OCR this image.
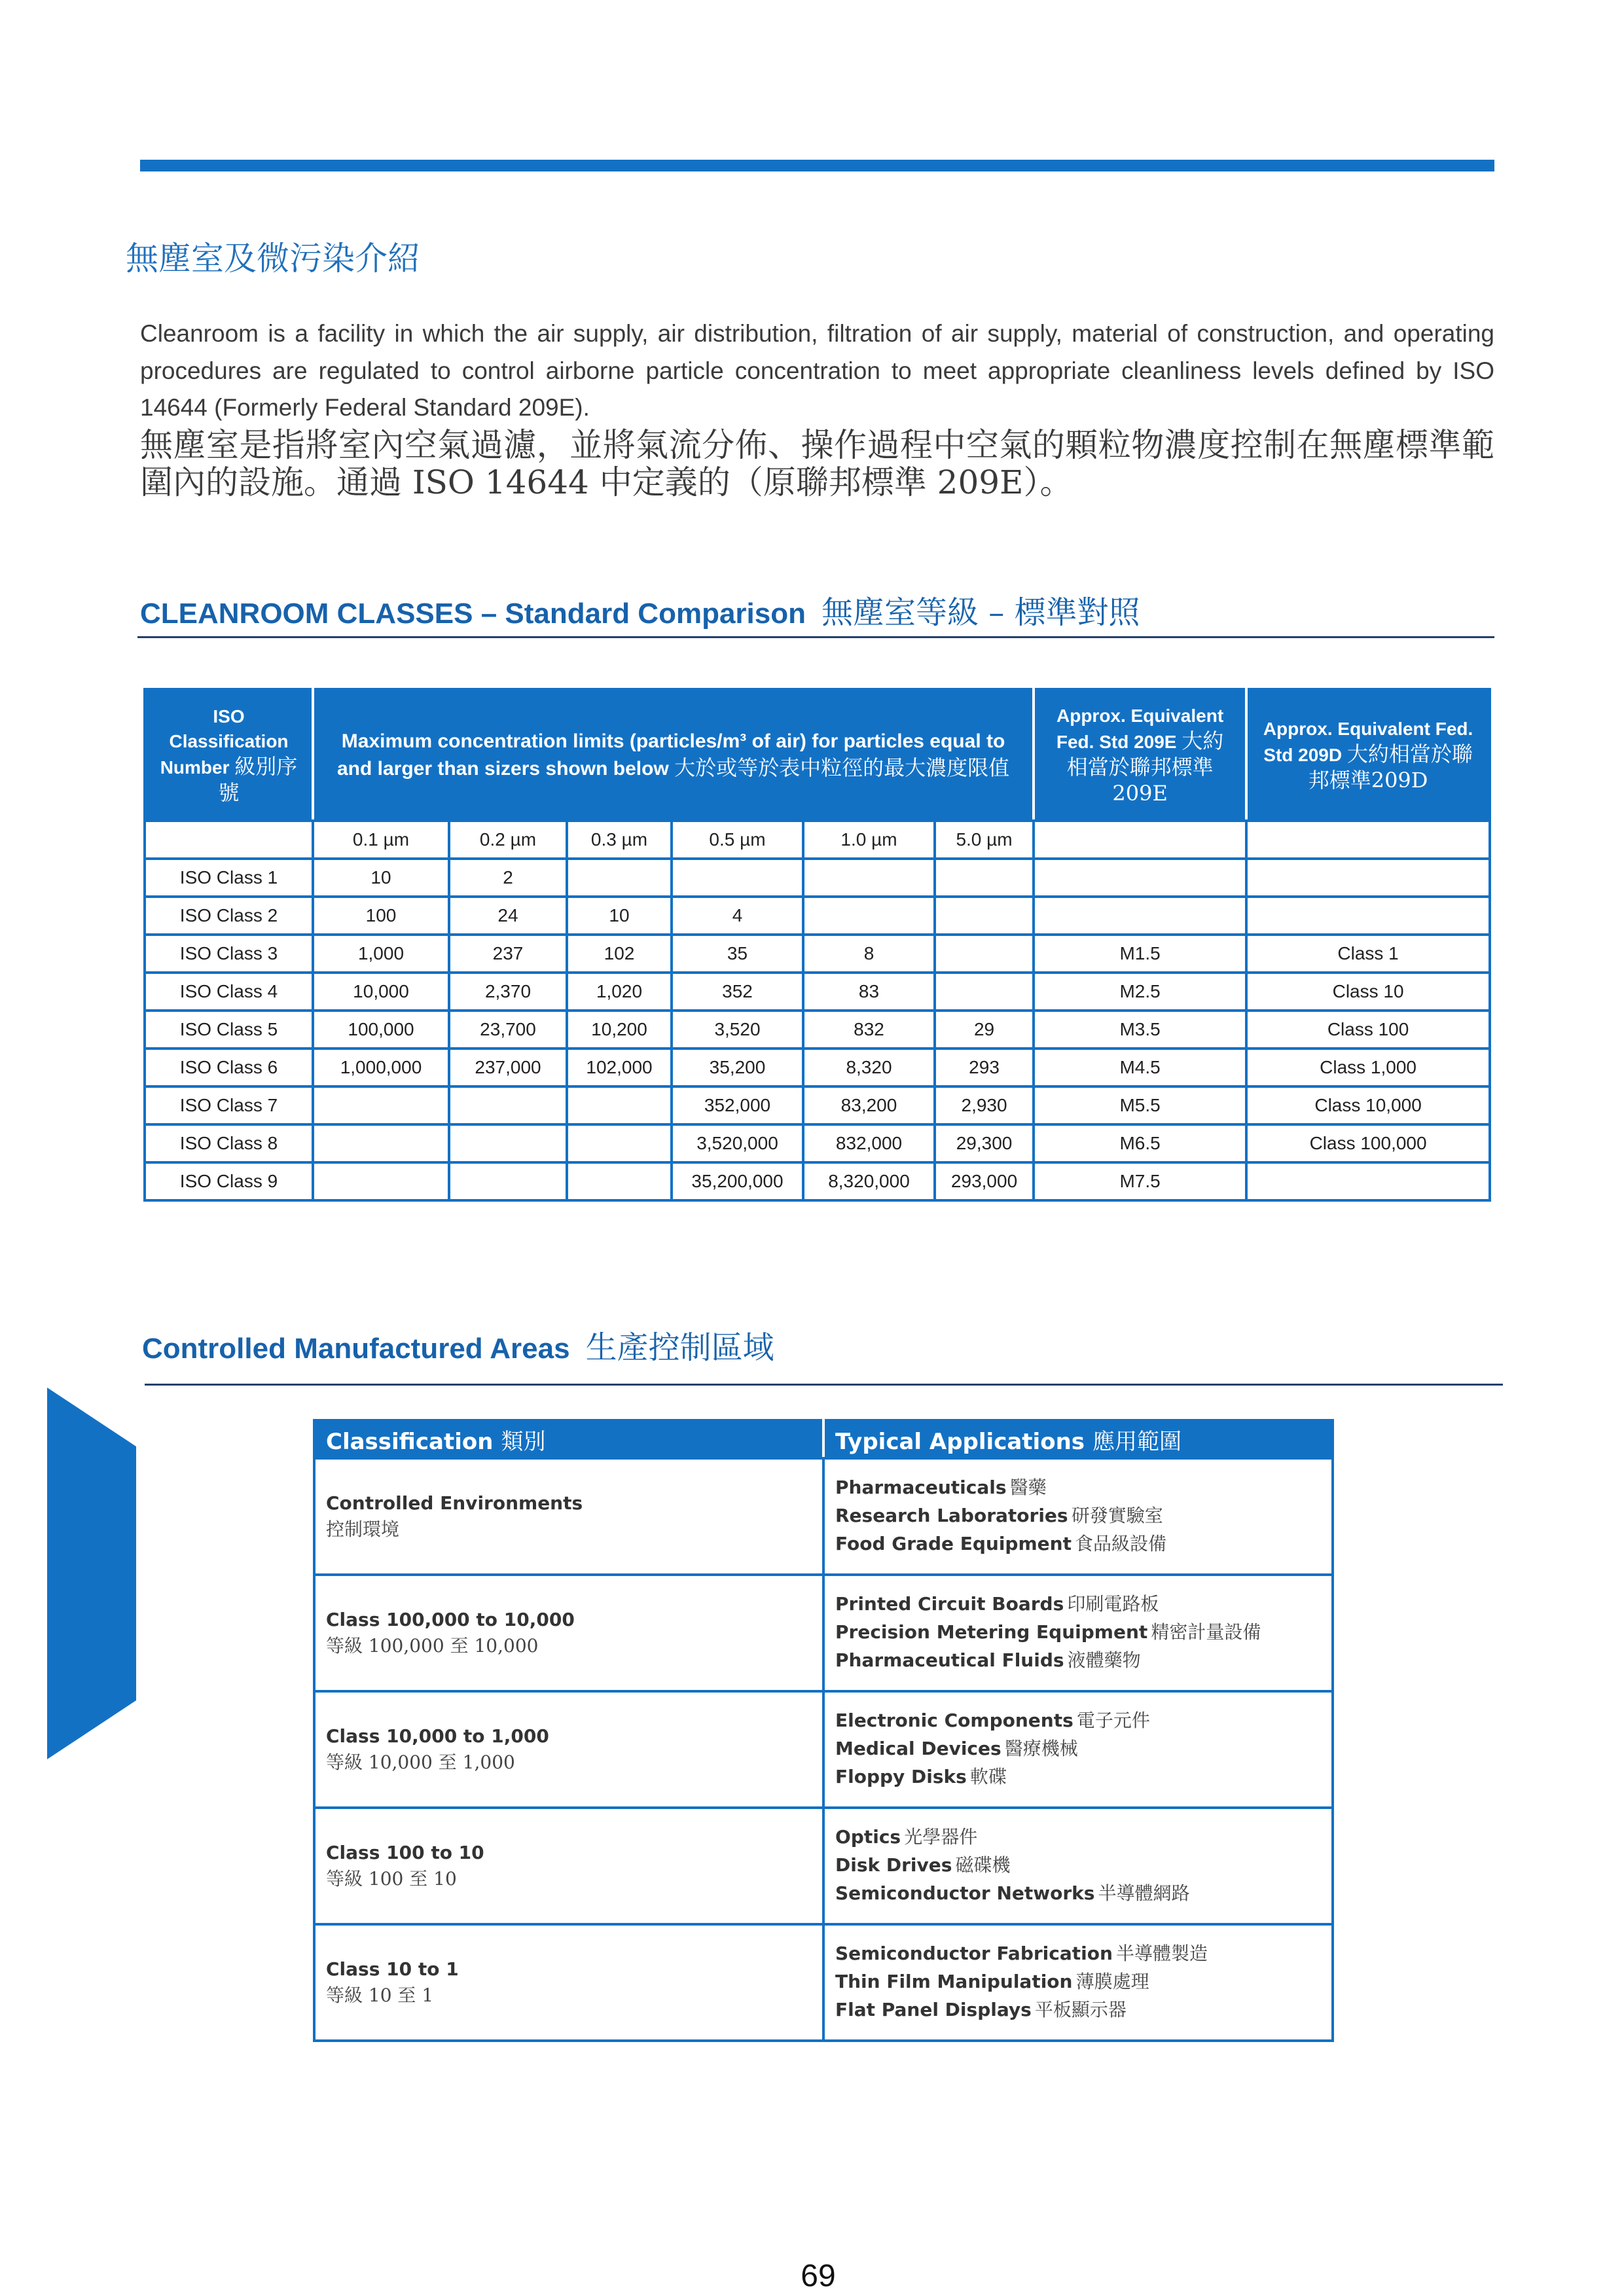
無塵室及微污染介紹

Cleanroom is a facility in which the air supply, air distribution, filtration of air supply, material of construction, and operating procedures are regulated to control airborne particle concentration to meet appropriate cleanliness levels defined by ISO 14644 (Formerly Federal Standard 209E).

無塵室是指將室內空氣過濾，並將氣流分佈、操作過程中空氣的顆粒物濃度控制在無塵標準範圍內的設施。通過 ISO 14644 中定義的（原聯邦標準 209E）。

CLEANROOM CLASSES – Standard Comparison 無塵室等級 – 標準對照
ISO Classification Number 級別序號	Maximum concentration limits (particles/m³ of air) for particles equal to and larger than sizers shown below 大於或等於表中粒徑的最大濃度限值						Approx. Equivalent Fed. Std 209E 大約相當於聯邦標準209E	Approx. Equivalent Fed. Std 209D 大約相當於聯邦標準209D
	0.1 µm	0.2 µm	0.3 µm	0.5 µm	1.0 µm	5.0 µm		
ISO Class 1	10	2						
ISO Class 2	100	24	10	4				
ISO Class 3	1,000	237	102	35	8		M1.5	Class 1
ISO Class 4	10,000	2,370	1,020	352	83		M2.5	Class 10
ISO Class 5	100,000	23,700	10,200	3,520	832	29	M3.5	Class 100
ISO Class 6	1,000,000	237,000	102,000	35,200	8,320	293	M4.5	Class 1,000
ISO Class 7				352,000	83,200	2,930	M5.5	Class 10,000
ISO Class 8				3,520,000	832,000	29,300	M6.5	Class 100,000
ISO Class 9				35,200,000	8,320,000	293,000	M7.5	
Controlled Manufactured Areas 生產控制區域
Classification 類別	Typical Applications 應用範圍

Controlled Environments
控制環境	Pharmaceuticals 醫藥
Research Laboratories 研發實驗室
Food Grade Equipment 食品級設備

Class 100,000 to 10,000
等級 100,000 至 10,000	Printed Circuit Boards 印刷電路板
Precision Metering Equipment 精密計量設備
Pharmaceutical Fluids 液體藥物

Class 10,000 to 1,000
等級 10,000 至 1,000	Electronic Components 電子元件
Medical Devices 醫療機械
Floppy Disks 軟碟

Class 100 to 10
等級 100 至 10	Optics 光學器件
Disk Drives 磁碟機
Semiconductor Networks 半導體網路

Class 10 to 1
等級 10 至 1	Semiconductor Fabrication 半導體製造
Thin Film Manipulation 薄膜處理
Flat Panel Displays 平板顯示器
69
